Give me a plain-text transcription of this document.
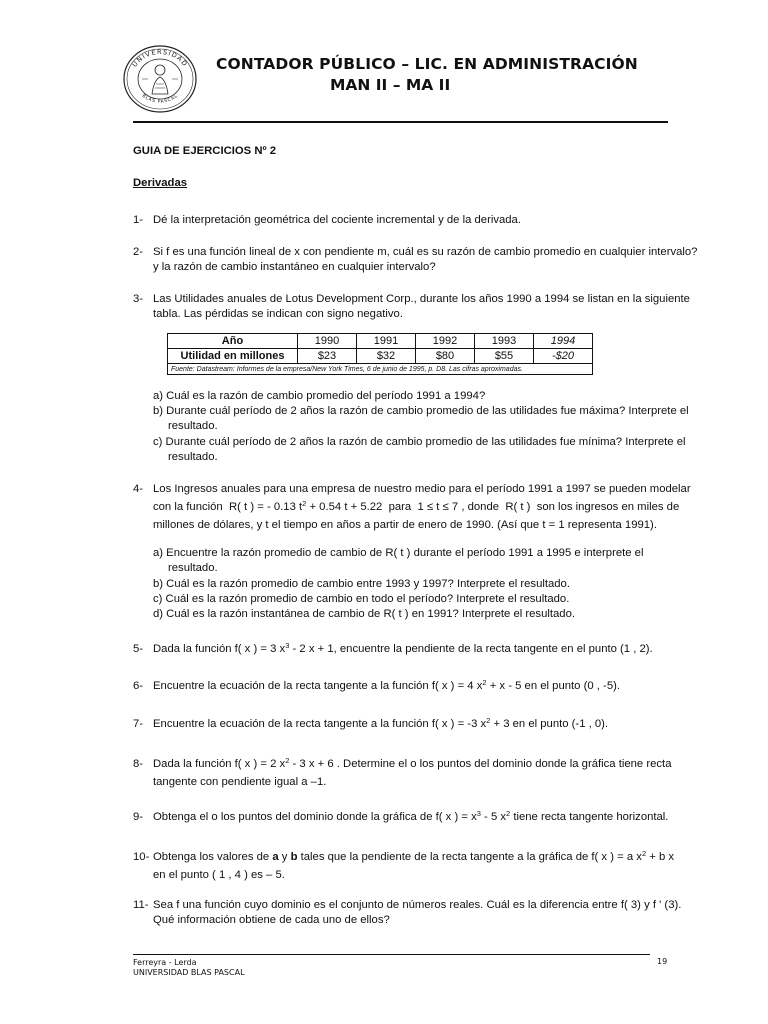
UNIVERSIDAD
BLAS PASCAL
CONTADOR PÚBLICO – LIC. EN ADMINISTRACIÓN
MAN II – MA II
GUIA DE EJERCICIOS Nº 2
Derivadas
1- Dé la interpretación geométrica del cociente incremental y de la derivada.
2- Si f es una función lineal de x con pendiente m, cuál es su razón de cambio promedio en cualquier intervalo?
y la razón de cambio instantáneo en cualquier intervalo?
3- Las Utilidades anuales de Lotus Development Corp., durante los años 1990 a 1994 se listan en la siguiente
tabla. Las pérdidas se indican con signo negativo.
Año	1990	1991	1992	1993	1994
Utilidad en millones	$23	$32	$80	$55	-$20
Fuente: Datastream: Informes de la empresa/New York Times, 6 de junio de 1995, p. D8. Las cifras aproximadas.					
a) Cuál es la razón de cambio promedio del período 1991 a 1994?
b) Durante cuál período de 2 años la razón de cambio promedio de las utilidades fue máxima? Interprete el
resultado.
c) Durante cuál período de 2 años la razón de cambio promedio de las utilidades fue mínima? Interprete el
resultado.
4- Los Ingresos anuales para una empresa de nuestro medio para el período 1991 a 1997 se pueden modelar
con la función R( t ) = - 0.13 $t^2 + 0.54$ t + 5.22 para 1 ≤ t ≤ 7 , donde R( t ) son los ingresos en miles de
millones de dólares, y t el tiempo en años a partir de enero de 1990. (Así que t = 1 representa 1991).
a) Encuentre la razón promedio de cambio de R( t ) durante el período 1991 a 1995 e interprete el
resultado.
b) Cuál es la razón promedio de cambio entre 1993 y 1997? Interprete el resultado.
c) Cuál es la razón promedio de cambio en todo el período? Interprete el resultado.
d) Cuál es la razón instantánea de cambio de R( t ) en 1991? Interprete el resultado.
5- Dada la función f( x ) = 3 $x^3 - 2$ x + 1, encuentre la pendiente de la recta tangente en el punto (1 , 2).
6- Encuentre la ecuación de la recta tangente a la función f( x ) = 4 $x^2 + x - 5$ en el punto (0 , -5).
7- Encuentre la ecuación de la recta tangente a la función f( x ) = -3 $x^2 + 3$ en el punto (-1 , 0).
8- Dada la función f( x ) = 2 $x^2 - 3$ x + 6 . Determine el o los puntos del dominio donde la gráfica tiene recta
tangente con pendiente igual a –1.
9- Obtenga el o los puntos del dominio donde la gráfica de f( x ) = $x^3 - 5$ $x^2$ tiene recta tangente horizontal.
10- Obtenga los valores de a y b tales que la pendiente de la recta tangente a la gráfica de f( x ) = a $x^2 + b$ x
en el punto ( 1 , 4 ) es – 5.
11- Sea f una función cuyo dominio es el conjunto de números reales. Cuál es la diferencia entre f( 3) y f ' (3).
Qué información obtiene de cada uno de ellos?
Ferreyra - Lerda
UNIVERSIDAD BLAS PASCAL
19
